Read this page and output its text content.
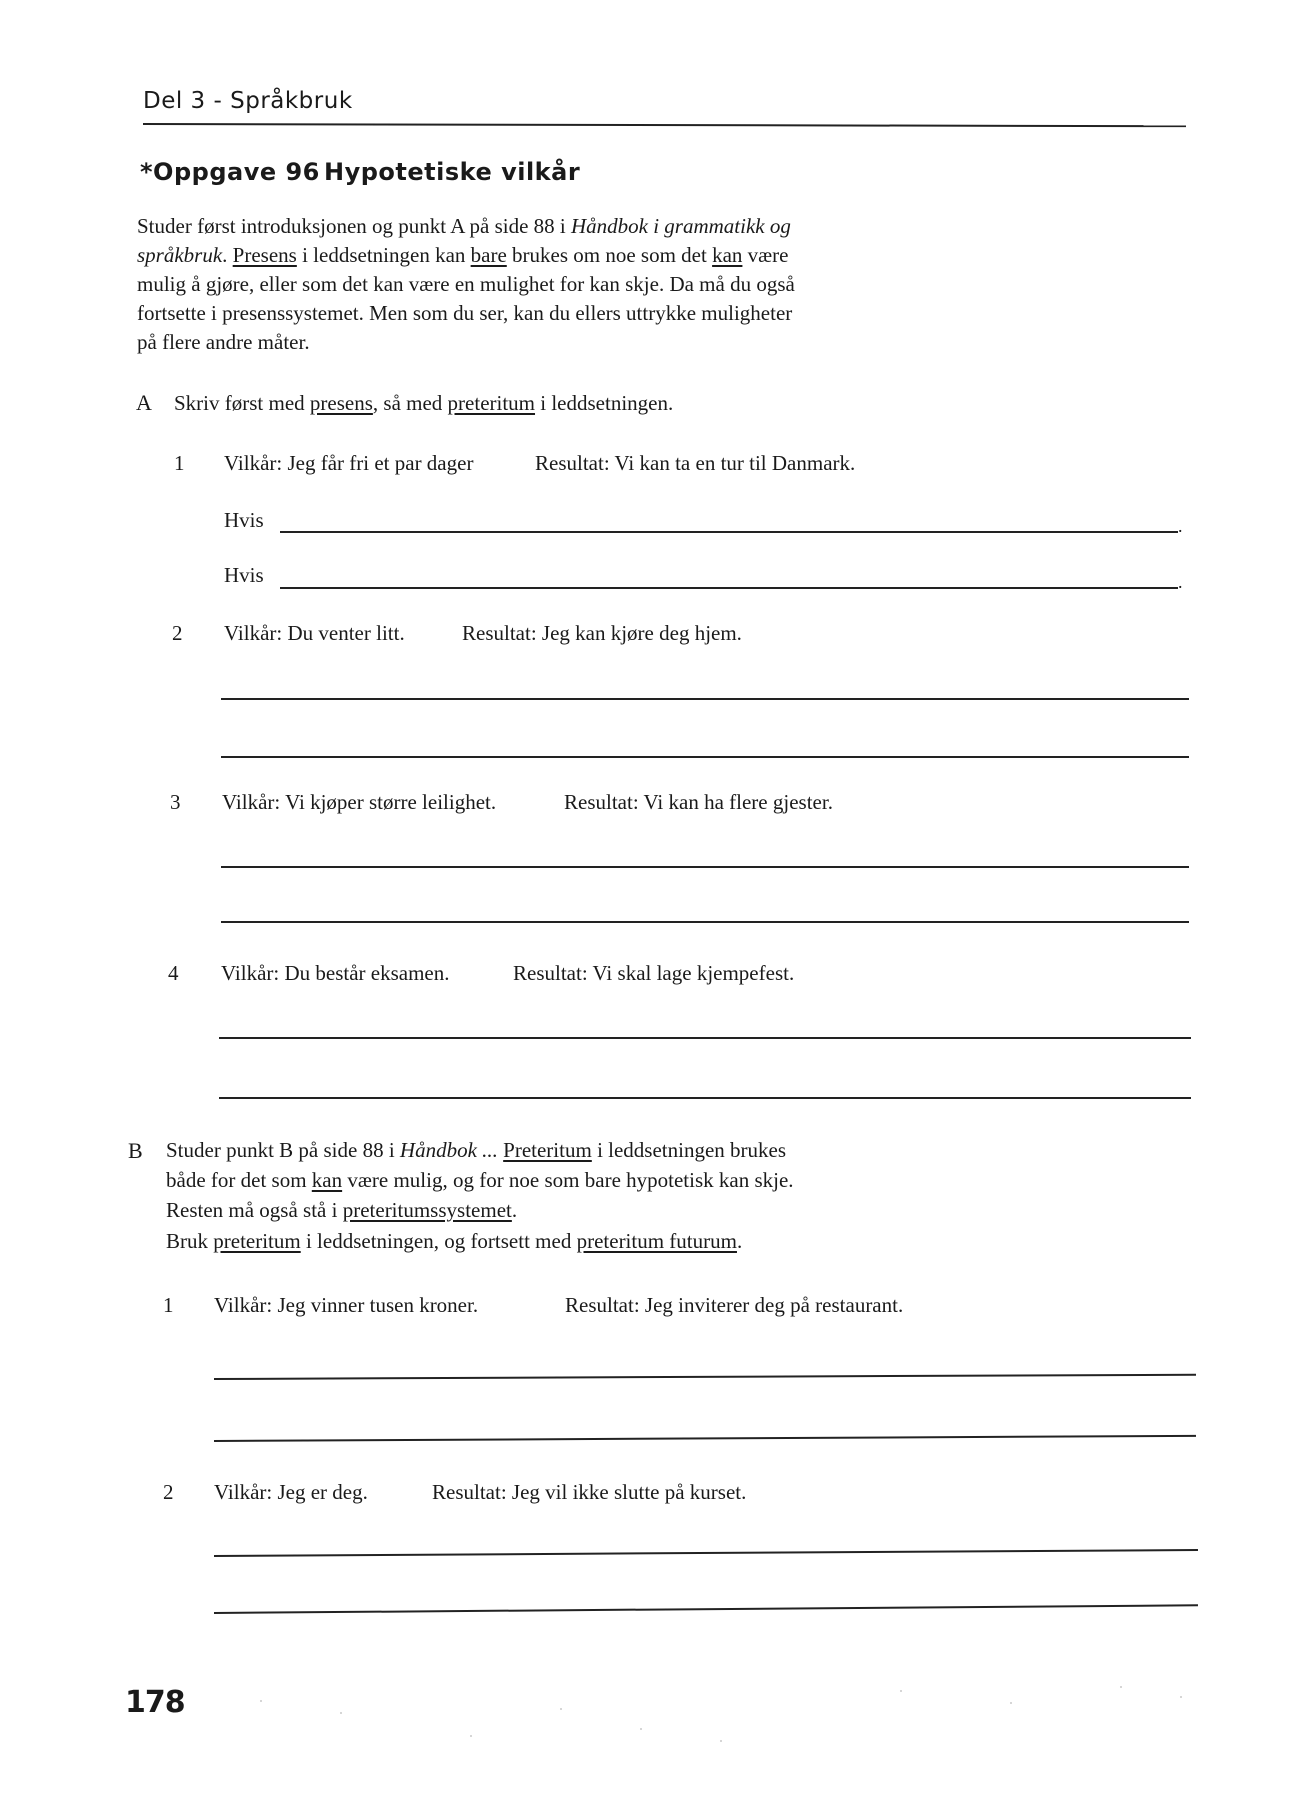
Del 3 - Språkbruk
*Oppgave 96 Hypotetiske vilkår
Studer først introduksjonen og punkt A på side 88 i Håndbok i grammatikk og
språkbruk. Presens i leddsetningen kan bare brukes om noe som det kan være
mulig å gjøre, eller som det kan være en mulighet for kan skje. Da må du også
fortsette i presenssystemet. Men som du ser, kan du ellers uttrykke muligheter
på flere andre måter.
A Skriv først med presens, så med preteritum i leddsetningen.
1 Vilkår: Jeg får fri et par dager	Resultat: Vi kan ta en tur til Danmark.
Hvis	.
Hvis	.
2 Vilkår: Du venter litt.	Resultat: Jeg kan kjøre deg hjem.
3 Vilkår: Vi kjøper større leilighet.	Resultat: Vi kan ha flere gjester.
4 Vilkår: Du består eksamen.	Resultat: Vi skal lage kjempefest.
B Studer punkt B på side 88 i Håndbok ... Preteritum i leddsetningen brukes
både for det som kan være mulig, og for noe som bare hypotetisk kan skje.
Resten må også stå i preteritumssystemet.
Bruk preteritum i leddsetningen, og fortsett med preteritum futurum.
1 Vilkår: Jeg vinner tusen kroner.	Resultat: Jeg inviterer deg på restaurant.
2 Vilkår: Jeg er deg.	Resultat: Jeg vil ikke slutte på kurset.
178
